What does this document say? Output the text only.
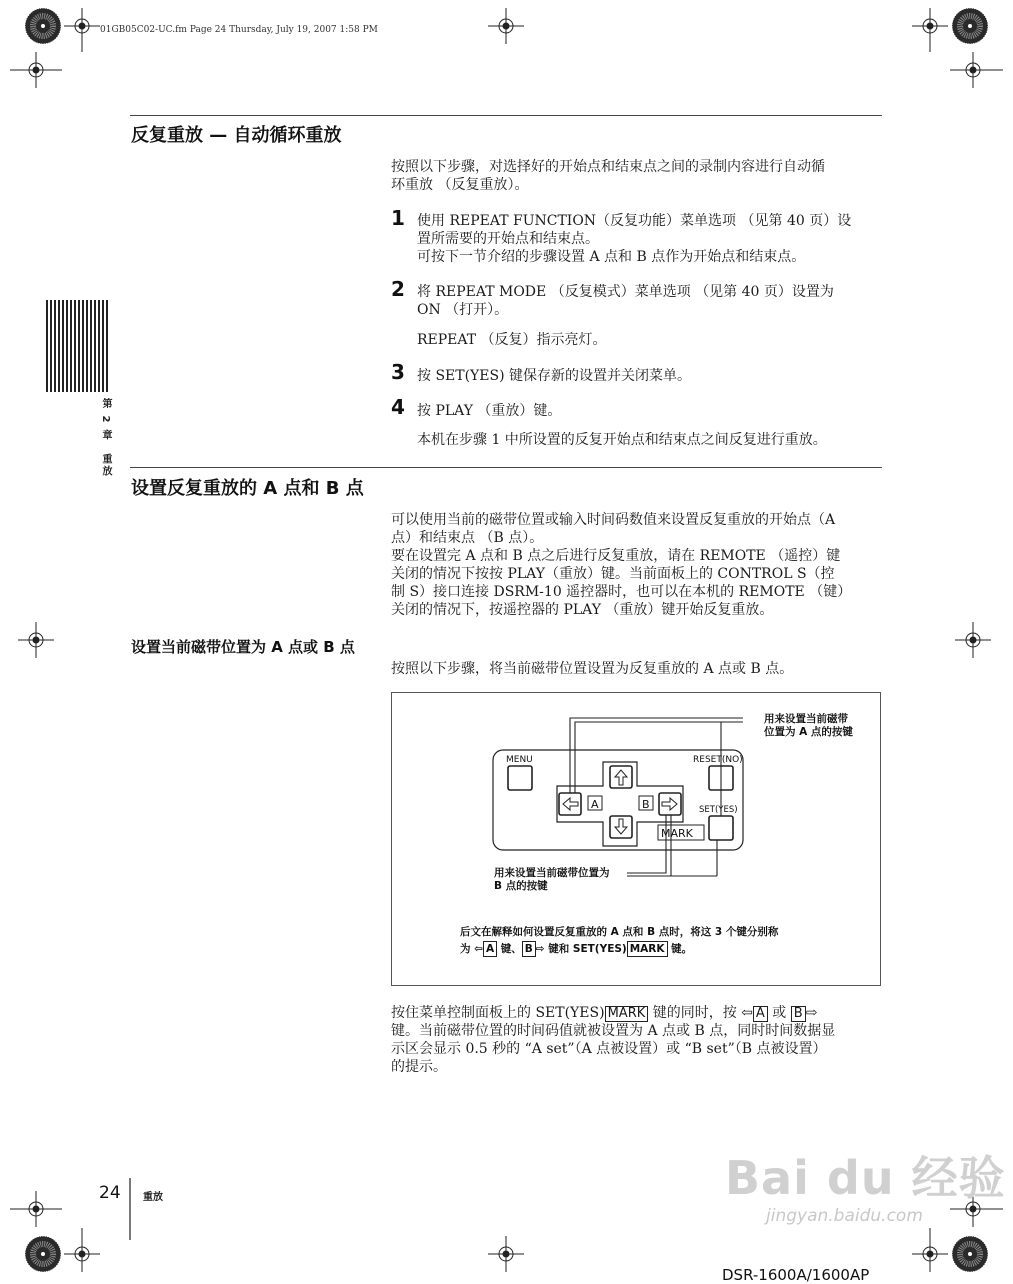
01GB05C02-UC.fm Page 24 Thursday, July 19, 2007 1:58 PM
第 2 章　重放
反复重放 — 自动循环重放
按照以下步骤，对选择好的开始点和结束点之间的录制内容进行自动循
环重放 （反复重放）。
1 使用 REPEAT FUNCTION（反复功能）菜单选项 （见第 40 页）设
置所需要的开始点和结束点。
可按下一节介绍的步骤设置 A 点和 B 点作为开始点和结束点。
2 将 REPEAT MODE （反复模式）菜单选项 （见第 40 页）设置为
ON （打开）。
REPEAT （反复）指示亮灯。
3 按 SET(YES) 键保存新的设置并关闭菜单。
4 按 PLAY （重放）键。
本机在步骤 1 中所设置的反复开始点和结束点之间反复进行重放。
设置反复重放的 A 点和 B 点
可以使用当前的磁带位置或输入时间码数值来设置反复重放的开始点（A
点）和结束点 （B 点）。
要在设置完 A 点和 B 点之后进行反复重放，请在 REMOTE （遥控）键
关闭的情况下按按 PLAY（重放）键。当前面板上的 CONTROL S（控
制 S）接口连接 DSRM-10 遥控器时，也可以在本机的 REMOTE （键）
关闭的情况下，按遥控器的 PLAY （重放）键开始反复重放。
设置当前磁带位置为 A 点或 B 点
按照以下步骤，将当前磁带位置设置为反复重放的 A 点或 B 点。
A	B
MARK
MENU	RESET(NO)
SET(YES)
用来设置当前磁带
位置为 A 点的按键
用来设置当前磁带位置为
B 点的按键
后文在解释如何设置反复重放的 A 点和 B 点时，将这 3 个键分别称
为 ⇦ A 键、 B ⇨ 键和 SET(YES) MARK 键。
按住菜单控制面板上的 SET(YES) MARK 键的同时，按 ⇦ A 或 B ⇨
键。当前磁带位置的时间码值就被设置为 A 点或 B 点，同时时间数据显
示区会显示 0.5 秒的 “A set”（A 点被设置）或 “B set”（B 点被设置）
的提示。
24 重放
DSR-1600A/1600AP
Bai du 经验
jingyan.baidu.com
